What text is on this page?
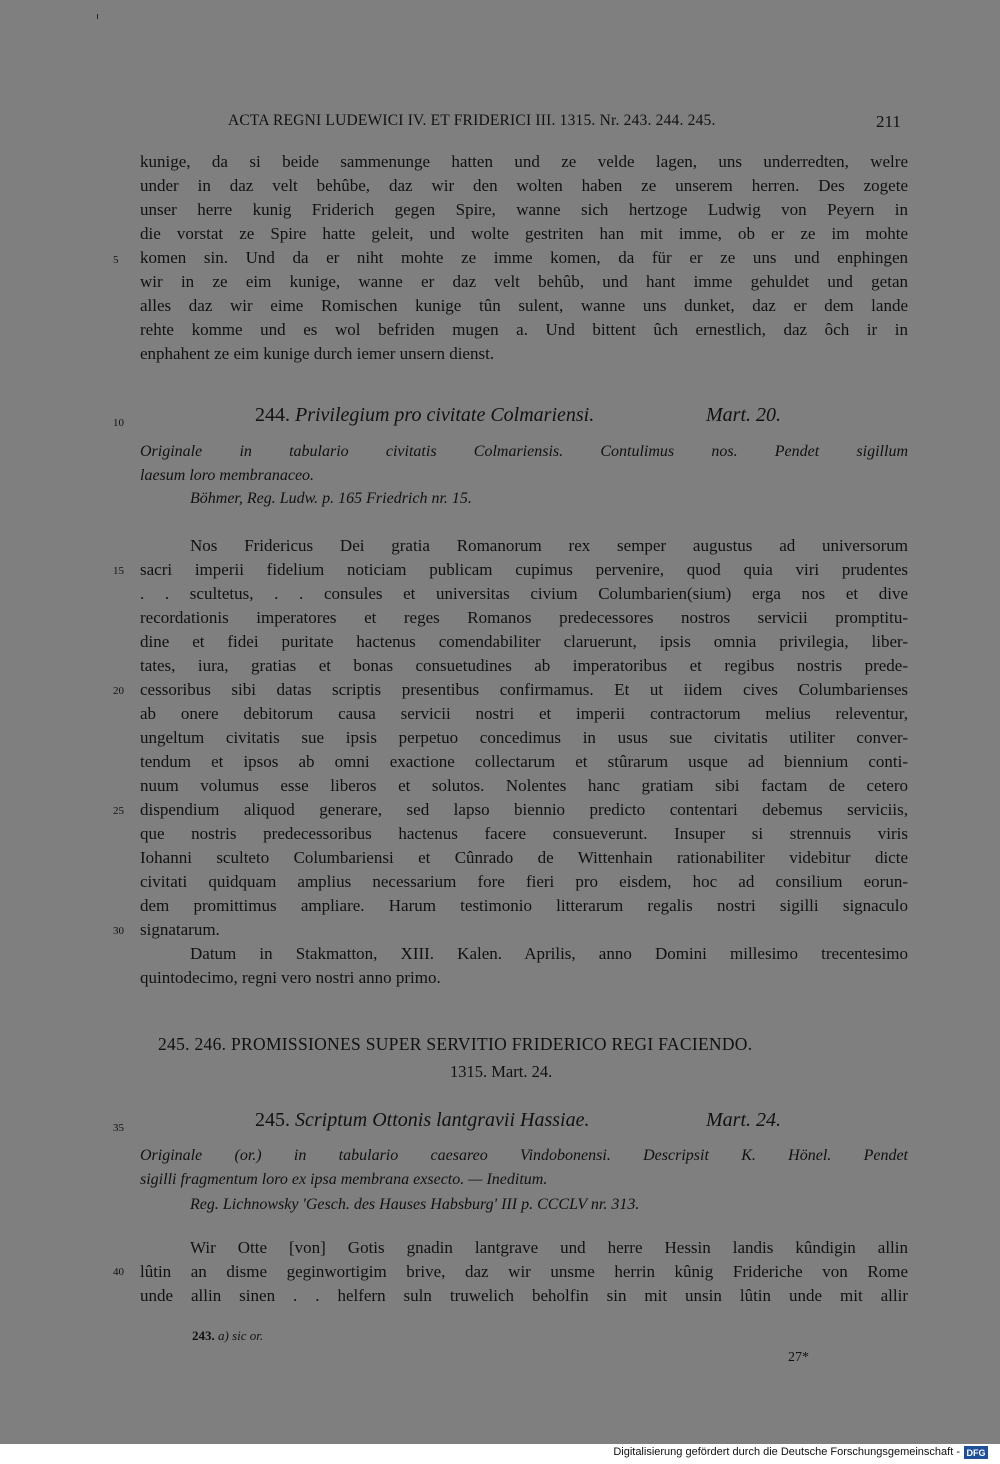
ACTA REGNI LUDEWICI IV. ET FRIDERICI III. 1315. Nr. 243. 244. 245.	211
kunige, da si beide sammenunge hatten und ze velde lagen, uns underredten, welre
under in daz velt behûbe, daz wir den wolten haben ze unserem herren. Des zogete
unser herre kunig Friderich gegen Spire, wanne sich hertzoge Ludwig von Peyern in
die vorstat ze Spire hatte geleit, und wolte gestriten han mit imme, ob er ze im mohte
komen sin. Und da er niht mohte ze imme komen, da für er ze uns und enphingen
wir in ze eim kunige, wanne er daz velt behûb, und hant imme gehuldet und getan
alles daz wir eime Romischen kunige tûn sulent, wanne uns dunket, daz er dem lande
rehte komme und es wol befriden mugen a. Und bittent ûch ernestlich, daz ôch ir in
enphahent ze eim kunige durch iemer unsern dienst.
5
10	244. Privilegium pro civitate Colmariensi.	Mart. 20.
Originale in tabulario civitatis Colmariensis. Contulimus nos. Pendet sigillum
laesum loro membranaceo.
Böhmer, Reg. Ludw. p. 165 Friedrich nr. 15.
Nos Fridericus Dei gratia Romanorum rex semper augustus ad universorum
sacri imperii fidelium noticiam publicam cupimus pervenire, quod quia viri prudentes
. . scultetus, . . consules et universitas civium Columbarien(sium) erga nos et dive
recordationis imperatores et reges Romanos predecessores nostros servicii promptitu-
dine et fidei puritate hactenus comendabiliter claruerunt, ipsis omnia privilegia, liber-
tates, iura, gratias et bonas consuetudines ab imperatoribus et regibus nostris prede-
cessoribus sibi datas scriptis presentibus confirmamus. Et ut iidem cives Columbarienses
ab onere debitorum causa servicii nostri et imperii contractorum melius releventur,
ungeltum civitatis sue ipsis perpetuo concedimus in usus sue civitatis utiliter conver-
tendum et ipsos ab omni exactione collectarum et stûrarum usque ad biennium conti-
nuum volumus esse liberos et solutos. Nolentes hanc gratiam sibi factam de cetero
dispendium aliquod generare, sed lapso biennio predicto contentari debemus serviciis,
que nostris predecessoribus hactenus facere consueverunt. Insuper si strennuis viris
Iohanni sculteto Columbariensi et Cûnrado de Wittenhain rationabiliter videbitur dicte
civitati quidquam amplius necessarium fore fieri pro eisdem, hoc ad consilium eorun-
dem promittimus ampliare. Harum testimonio litterarum regalis nostri sigilli signaculo
signatarum.
Datum in Stakmatton, XIII. Kalen. Aprilis, anno Domini millesimo trecentesimo
quintodecimo, regni vero nostri anno primo.
15
20
25
30
245. 246. PROMISSIONES SUPER SERVITIO FRIDERICO REGI FACIENDO.
1315. Mart. 24.
35	245. Scriptum Ottonis lantgravii Hassiae.	Mart. 24.
Originale (or.) in tabulario caesareo Vindobonensi. Descripsit K. Hönel. Pendet
sigilli fragmentum loro ex ipsa membrana exsecto. — Ineditum.
Reg. Lichnowsky 'Gesch. des Hauses Habsburg' III p. CCCLV nr. 313.
Wir Otte [von] Gotis gnadin lantgrave und herre Hessin landis kûndigin allin
lûtin an disme geginwortigim brive, daz wir unsme herrin kûnig Frideriche von Rome
unde allin sinen . . helfern suln truwelich beholfin sin mit unsin lûtin unde mit allir
40
243. a) sic or.
27*
Digitalisierung gefördert durch die Deutsche Forschungsgemeinschaft - DFG
